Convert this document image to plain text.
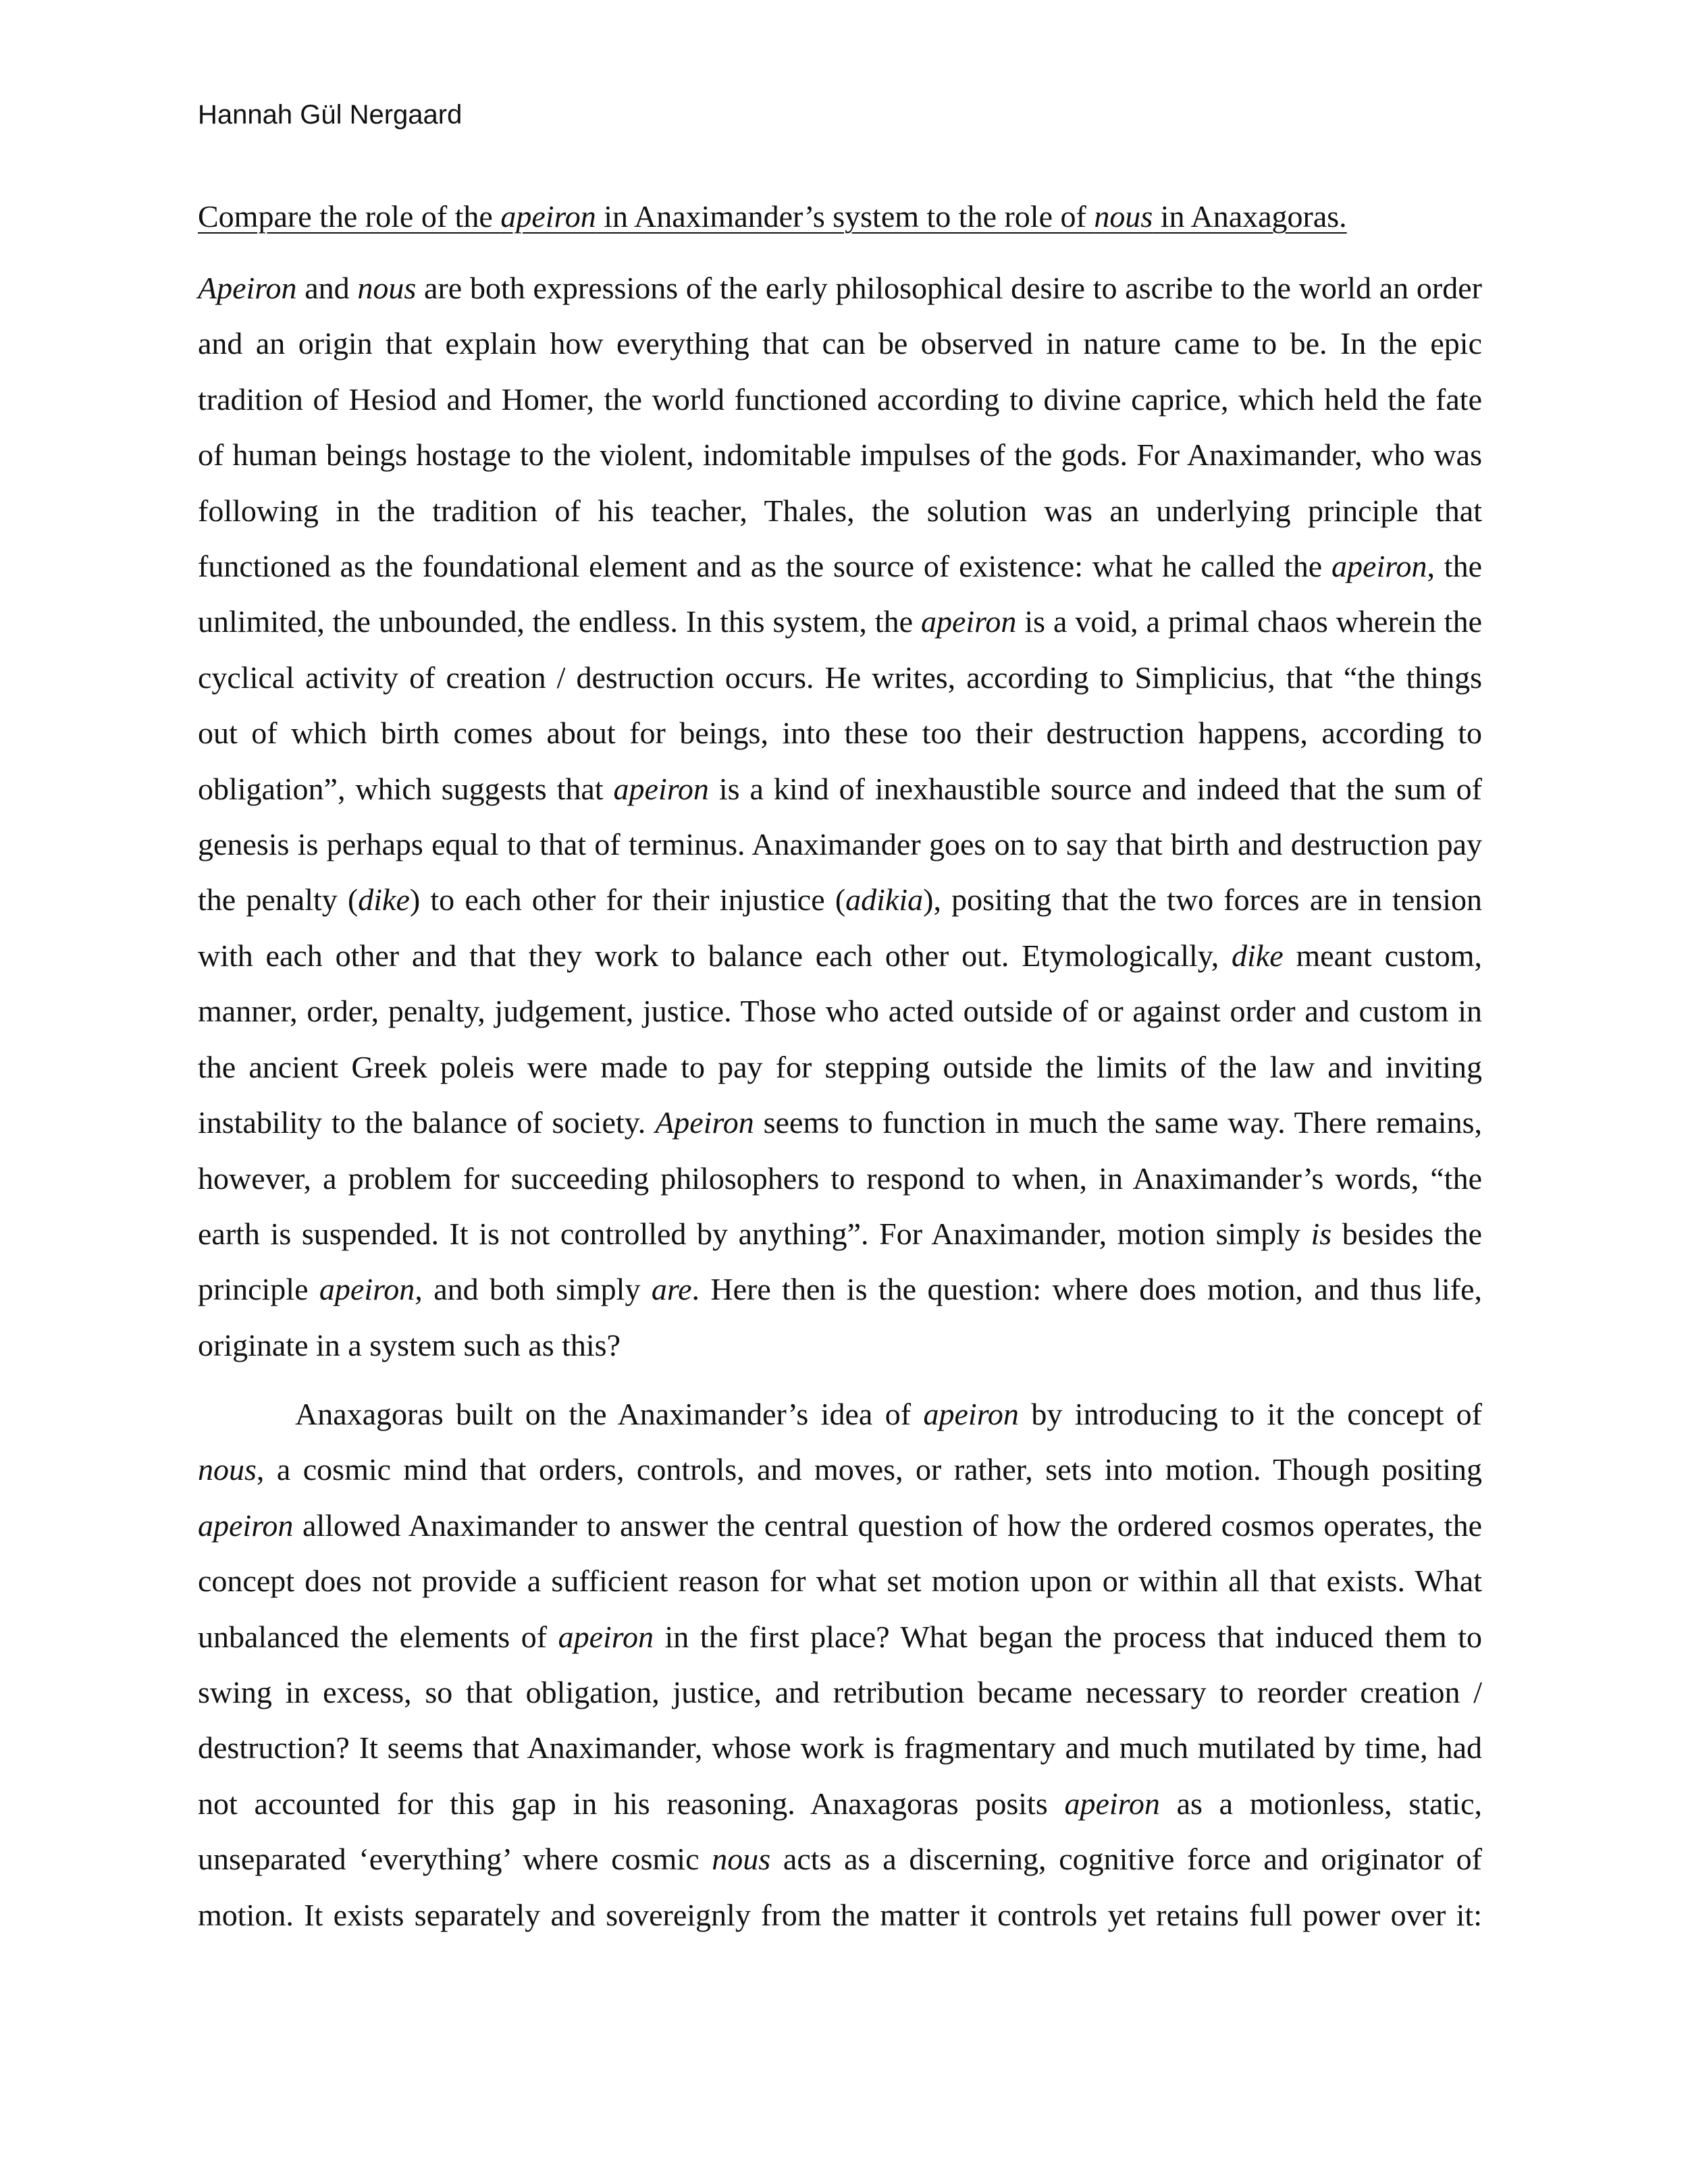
Hannah Gül Nergaard
Compare the role of the apeiron in Anaximander’s system to the role of nous in Anaxagoras.
Apeiron and nous are both expressions of the early philosophical desire to ascribe to the world an order and an origin that explain how everything that can be observed in nature came to be. In the epic tradition of Hesiod and Homer, the world functioned according to divine caprice, which held the fate of human beings hostage to the violent, indomitable impulses of the gods. For Anaximander, who was following in the tradition of his teacher, Thales, the solution was an underlying principle that functioned as the foundational element and as the source of existence: what he called the apeiron, the unlimited, the unbounded, the endless. In this system, the apeiron is a void, a primal chaos wherein the cyclical activity of creation / destruction occurs. He writes, according to Simplicius, that “the things out of which birth comes about for beings, into these too their destruction happens, according to obligation”, which suggests that apeiron is a kind of inexhaustible source and indeed that the sum of genesis is perhaps equal to that of terminus. Anaximander goes on to say that birth and destruction pay the penalty (dike) to each other for their injustice (adikia), positing that the two forces are in tension with each other and that they work to balance each other out. Etymologically, dike meant custom, manner, order, penalty, judgement, justice. Those who acted outside of or against order and custom in the ancient Greek poleis were made to pay for stepping outside the limits of the law and inviting instability to the balance of society. Apeiron seems to function in much the same way. There remains, however, a problem for succeeding philosophers to respond to when, in Anaximander’s words, “the earth is suspended. It is not controlled by anything”. For Anaximander, motion simply is besides the principle apeiron, and both simply are. Here then is the question: where does motion, and thus life, originate in a system such as this?
Anaxagoras built on the Anaximander’s idea of apeiron by introducing to it the concept of nous, a cosmic mind that orders, controls, and moves, or rather, sets into motion. Though positing apeiron allowed Anaximander to answer the central question of how the ordered cosmos operates, the concept does not provide a sufficient reason for what set motion upon or within all that exists. What unbalanced the elements of apeiron in the first place? What began the process that induced them to swing in excess, so that obligation, justice, and retribution became necessary to reorder creation / destruction? It seems that Anaximander, whose work is fragmentary and much mutilated by time, had not accounted for this gap in his reasoning. Anaxagoras posits apeiron as a motionless, static, unseparated ‘everything’ where cosmic nous acts as a discerning, cognitive force and originator of motion. It exists separately and sovereignly from the matter it controls yet retains full power over it:
